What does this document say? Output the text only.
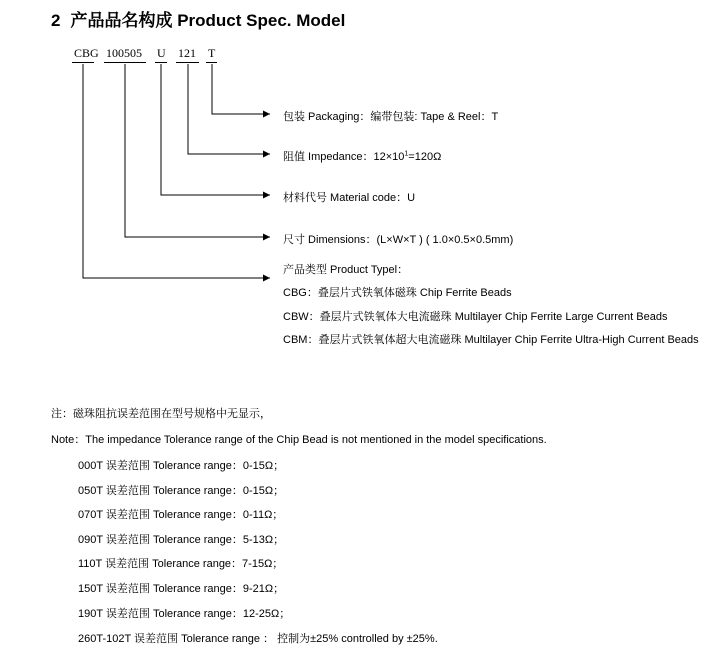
2 产品品名构成 Product Spec. Model
CBG 100505 U 121 T
包装 Packaging：编带包装: Tape & Reel：T
阻值 Impedance：$12\times 10^1=120\Omega$
材料代号 Material code：U
尺寸 Dimensions：(L×W×T ) ( 1.0×0.5×0.5mm)
产品类型 Product Typel：
CBG：叠层片式铁氧体磁珠 Chip Ferrite Beads
CBW：叠层片式铁氧体大电流磁珠 Multilayer Chip Ferrite Large Current Beads
CBM：叠层片式铁氧体超大电流磁珠 Multilayer Chip Ferrite Ultra-High Current Beads
注：磁珠阻抗误差范围在型号规格中无显示，
Note：The impedance Tolerance range of the Chip Bead is not mentioned in the model specifications.
000T 误差范围 Tolerance range：0-15Ω；
050T 误差范围 Tolerance range：0-15Ω；
070T 误差范围 Tolerance range：0-11Ω；
090T 误差范围 Tolerance range：5-13Ω；
110T 误差范围 Tolerance range：7-15Ω；
150T 误差范围 Tolerance range：9-21Ω；
190T 误差范围 Tolerance range：12-25Ω；
260T-102T 误差范围 Tolerance range ： 控制为±25% controlled by ±25%.
